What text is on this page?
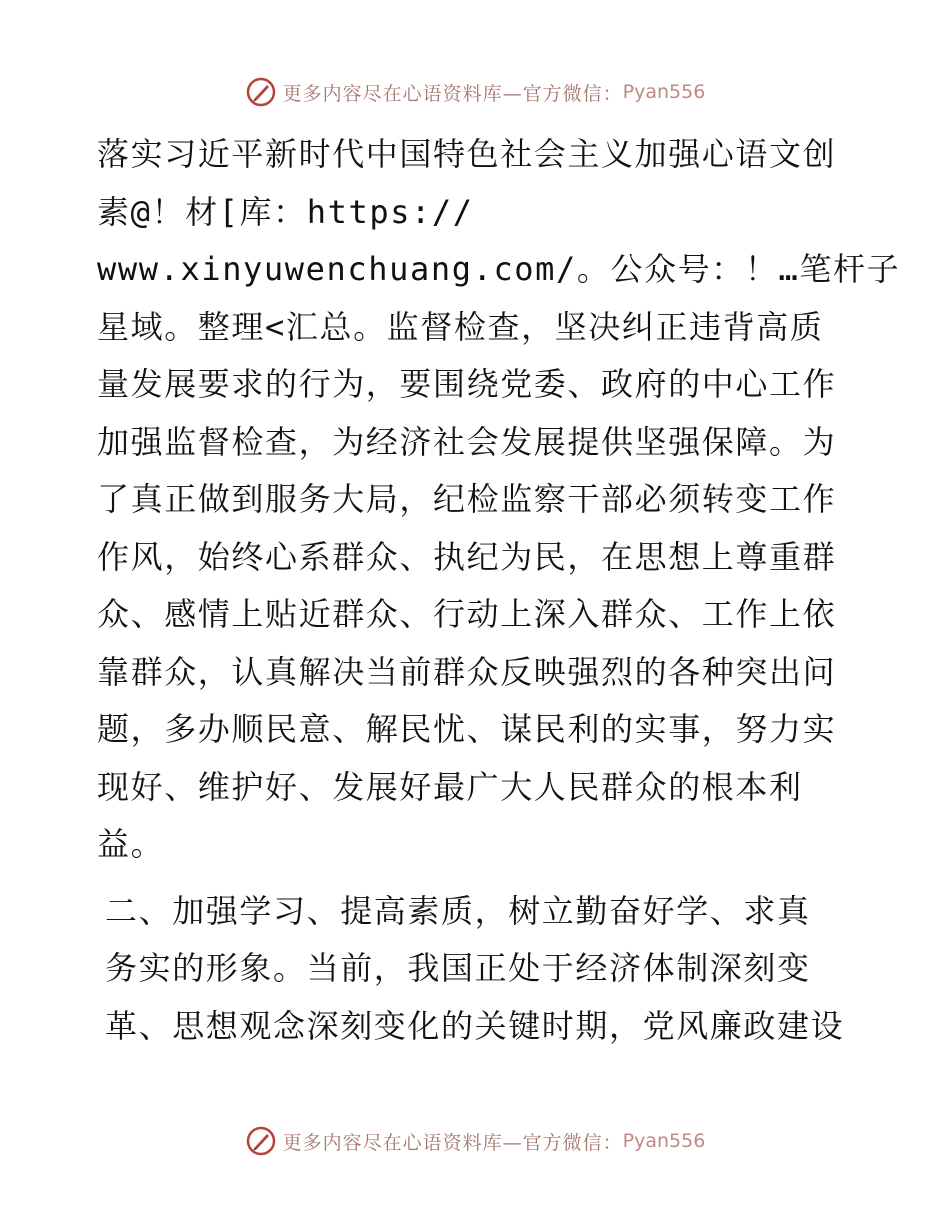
更多内容尽在心语资料库—官方微信： Pyan556

落实习近平新时代中国特色社会主义加强心语文创
素@！材[库：https://
www.xinyuwenchuang.com/。公众号：！…笔杆子
星域。整理<汇总。监督检查，坚决纠正违背高质
量发展要求的行为，要围绕党委、政府的中心工作
加强监督检查，为经济社会发展提供坚强保障。为
了真正做到服务大局，纪检监察干部必须转变工作
作风，始终心系群众、执纪为民，在思想上尊重群
众、感情上贴近群众、行动上深入群众、工作上依
靠群众，认真解决当前群众反映强烈的各种突出问
题，多办顺民意、解民忧、谋民利的实事，努力实
现好、维护好、发展好最广大人民群众的根本利
益。

二、加强学习、提高素质，树立勤奋好学、求真
务实的形象。当前，我国正处于经济体制深刻变
革、思想观念深刻变化的关键时期，党风廉政建设

更多内容尽在心语资料库—官方微信： Pyan556
